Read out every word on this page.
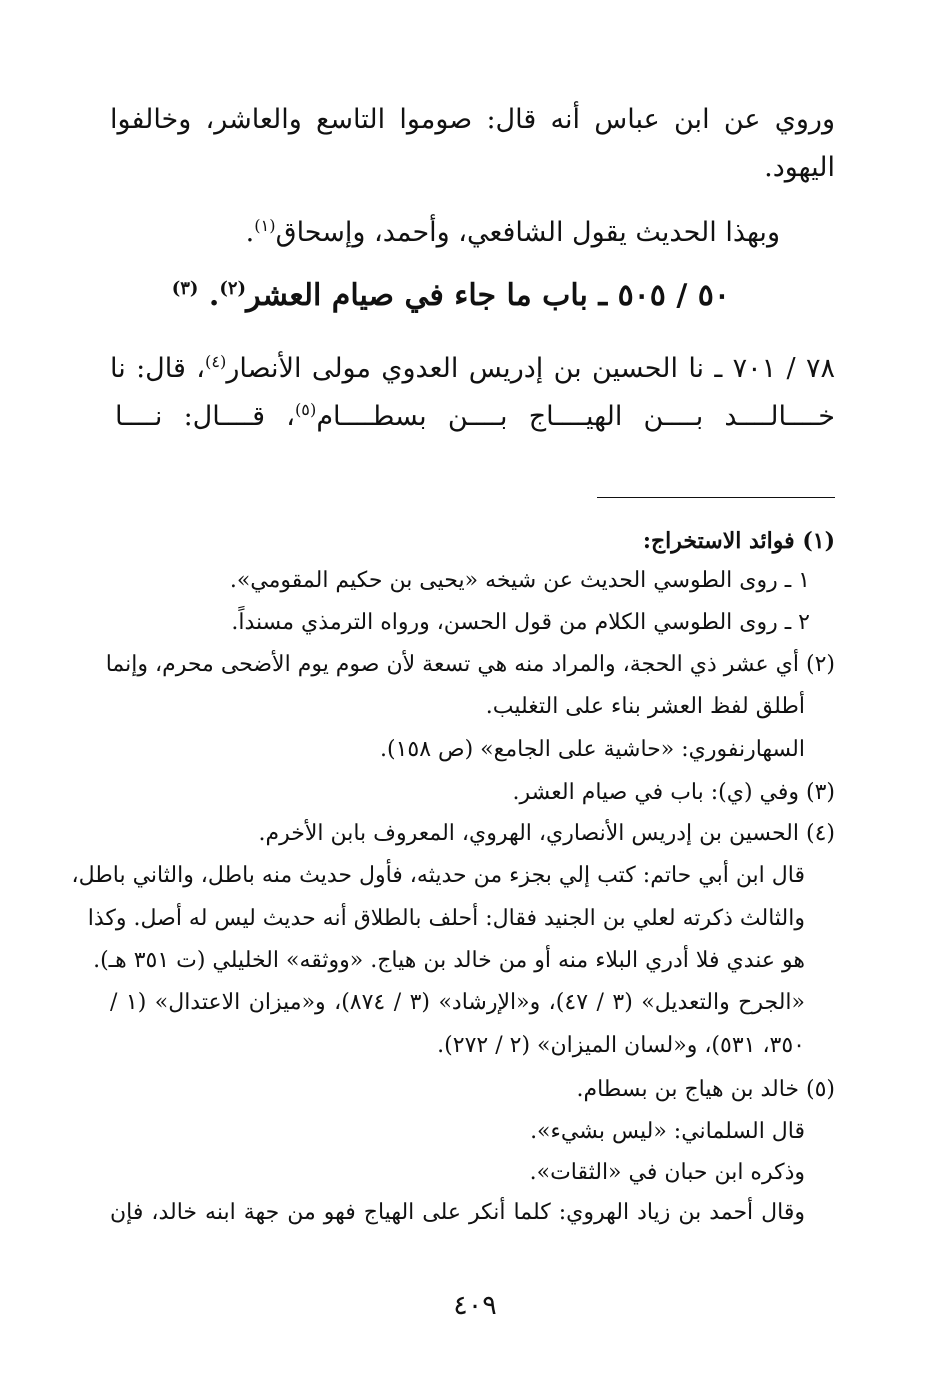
وروي عن ابن عباس أنه قال: صوموا التاسع والعاشر، وخالفوا
اليهود.
وبهذا الحديث يقول الشافعي، وأحمد، وإسحاق$^{(١)}$.
٥٠ / ٥٠٥ ـ باب ما جاء في صيام العشر$^{(٢)}$. $^{(٣)}$
٧٨ / ٧٠١ ـ نا الحسين بن إدريس العدوي مولى الأنصار$^{(٤)}$، قال: نا
خــــالــــد بــــن الهيــــاج بــــن بسطــــام$^{(٥)}$، قــــال: نــــا
(١) فوائد الاستخراج:
١ ـ روى الطوسي الحديث عن شيخه «يحيى بن حكيم المقومي».
٢ ـ روى الطوسي الكلام من قول الحسن، ورواه الترمذي مسنداً.
(٢) أي عشر ذي الحجة، والمراد منه هي تسعة لأن صوم يوم الأضحى محرم، وإنما
أطلق لفظ العشر بناء على التغليب.
السهارنفوري: «حاشية على الجامع» (ص ١٥٨).
(٣) وفي (ي): باب في صيام العشر.
(٤) الحسين بن إدريس الأنصاري، الهروي، المعروف بابن الأخرم.
قال ابن أبي حاتم: كتب إلي بجزء من حديثه، فأول حديث منه باطل، والثاني باطل،
والثالث ذكرته لعلي بن الجنيد فقال: أحلف بالطلاق أنه حديث ليس له أصل. وكذا
هو عندي فلا أدري البلاء منه أو من خالد بن هياج. «ووثقه» الخليلي (ت ٣٥١ هـ).
«الجرح والتعديل» (٣ / ٤٧)، و«الإرشاد» (٣ / ٨٧٤)، و«ميزان الاعتدال» (١ /
٣٥٠، ٥٣١)، و«لسان الميزان» (٢ / ٢٧٢).
(٥) خالد بن هياج بن بسطام.
قال السلماني: «ليس بشيء».
وذكره ابن حبان في «الثقات».
وقال أحمد بن زياد الهروي: كلما أنكر على الهياج فهو من جهة ابنه خالد، فإن
٤٠٩
